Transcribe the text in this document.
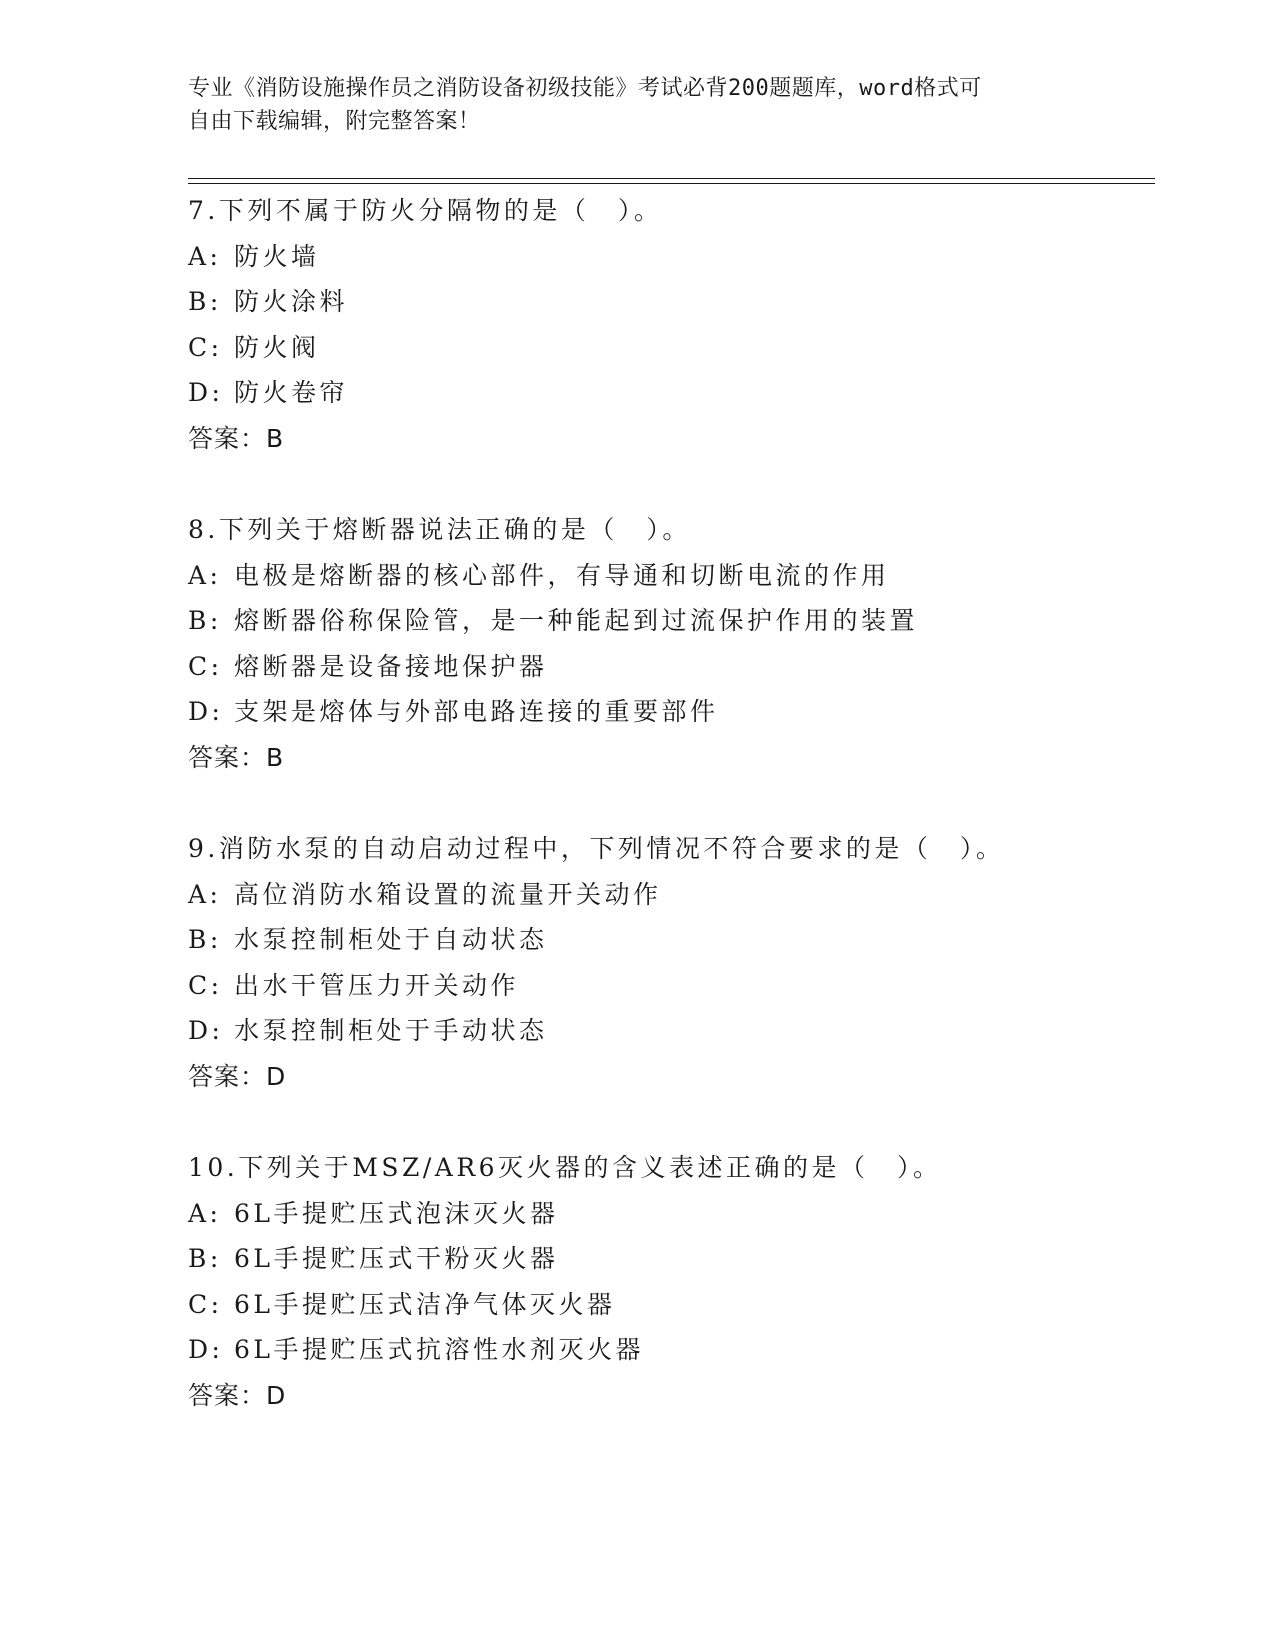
专业《消防设施操作员之消防设备初级技能》考试必背200题题库，word格式可
自由下载编辑，附完整答案！
7.下列不属于防火分隔物的是（　）。
A: 防火墙
B: 防火涂料
C: 防火阀
D: 防火卷帘
答案：B
8.下列关于熔断器说法正确的是（　）。
A: 电极是熔断器的核心部件，有导通和切断电流的作用
B: 熔断器俗称保险管，是一种能起到过流保护作用的装置
C: 熔断器是设备接地保护器
D: 支架是熔体与外部电路连接的重要部件
答案：B
9.消防水泵的自动启动过程中，下列情况不符合要求的是（　）。
A: 高位消防水箱设置的流量开关动作
B: 水泵控制柜处于自动状态
C: 出水干管压力开关动作
D: 水泵控制柜处于手动状态
答案：D
10.下列关于MSZ/AR6灭火器的含义表述正确的是（　）。
A: 6L手提贮压式泡沫灭火器
B: 6L手提贮压式干粉灭火器
C: 6L手提贮压式洁净气体灭火器
D: 6L手提贮压式抗溶性水剂灭火器
答案：D
